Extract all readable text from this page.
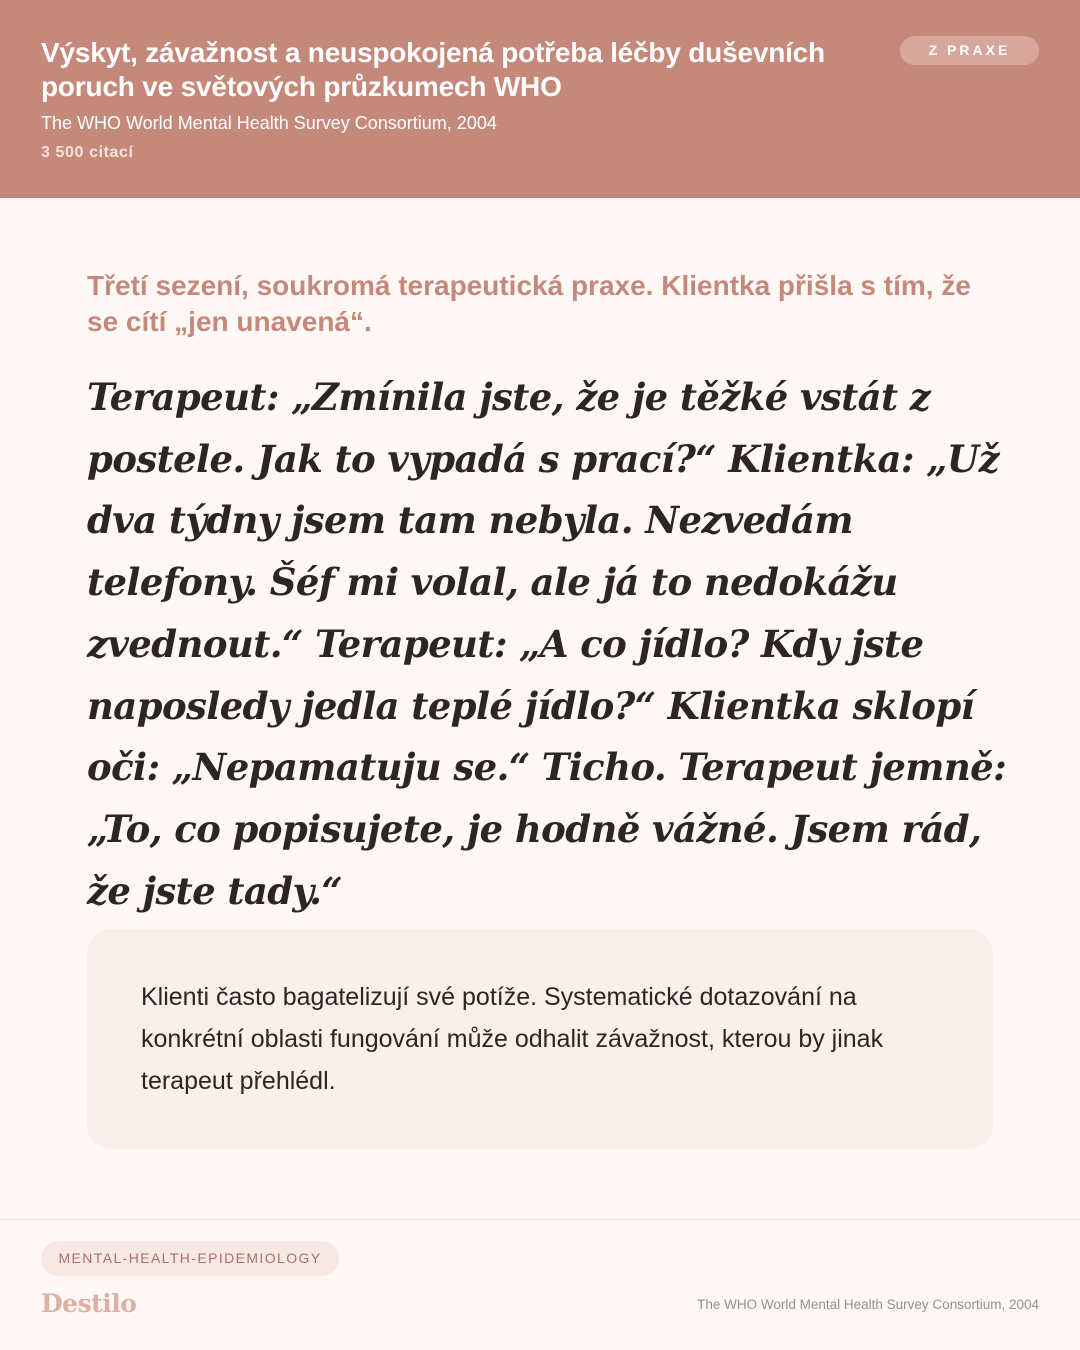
Výskyt, závažnost a neuspokojená potřeba léčby duševních poruch ve světových průzkumech WHO
The WHO World Mental Health Survey Consortium, 2004
3 500 citací
Z PRAXE
Třetí sezení, soukromá terapeutická praxe. Klientka přišla s tím, že se cítí „jen unavená“.
Terapeut: „Zmínila jste, že je těžké vstát z postele. Jak to vypadá s prací?“ Klientka: „Už dva týdny jsem tam nebyla. Nezvedám telefony. Šéf mi volal, ale já to nedokážu zvednout.“ Terapeut: „A co jídlo? Kdy jste naposledy jedla teplé jídlo?“ Klientka sklopí oči: „Nepamatuju se.“ Ticho. Terapeut jemně: „To, co popisujete, je hodně vážné. Jsem rád, že jste tady.“
Klienti často bagatelizují své potíže. Systematické dotazování na konkrétní oblasti fungování může odhalit závažnost, kterou by jinak terapeut přehlédl.
MENTAL-HEALTH-EPIDEMIOLOGY
Destilo	The WHO World Mental Health Survey Consortium, 2004
